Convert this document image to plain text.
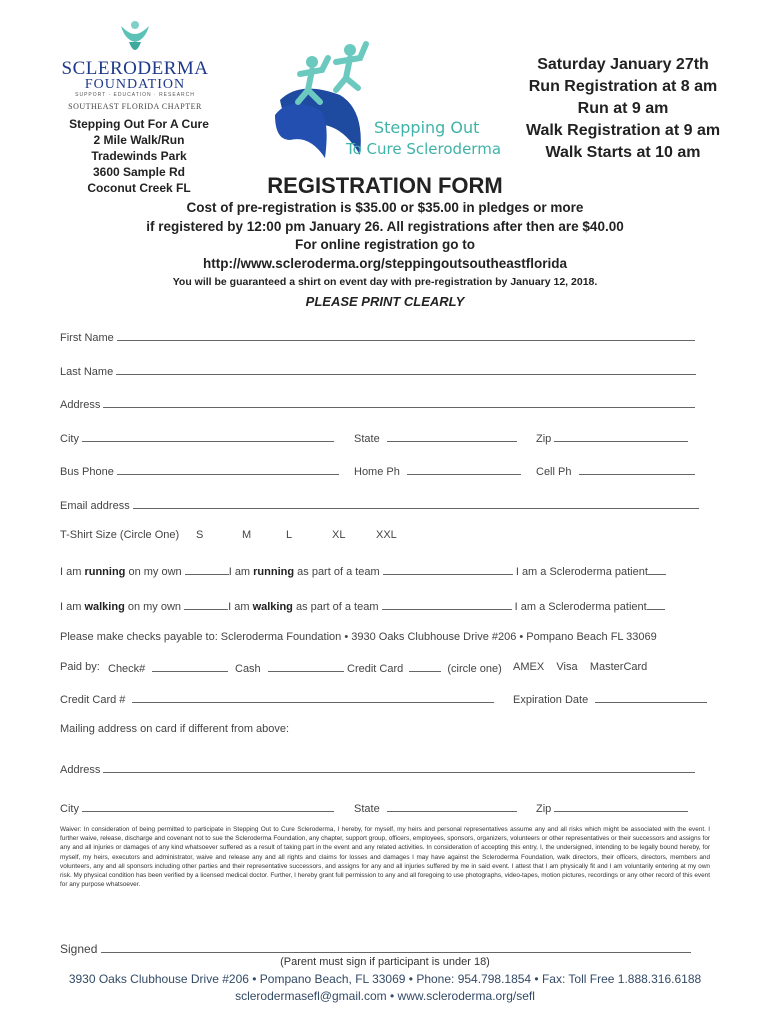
SCLERODERMA
FOUNDATION
SUPPORT · EDUCATION · RESEARCH
SOUTHEAST FLORIDA CHAPTER
Stepping Out For A Cure
2 Mile Walk/Run
Tradewinds Park
3600 Sample Rd
Coconut Creek FL
Stepping Out
To Cure Scleroderma
Saturday January 27th
Run Registration at 8 am
Run at 9 am
Walk Registration at 9 am
Walk Starts at 10 am
REGISTRATION FORM
Cost of pre-registration is $35.00 or $35.00 in pledges or more
if registered by 12:00 pm January 26. All registrations after then are $40.00
For online registration go to
http://www.scleroderma.org/steppingoutsoutheastflorida
You will be guaranteed a shirt on event day with pre-registration by January 12, 2018.
PLEASE PRINT CLEARLY
First Name
Last Name
Address
City	State	Zip
Bus Phone	Home Ph	Cell Ph
Email address
T-Shirt Size (Circle One) S	M	L	XL	XXL
I am running on my own	I am running as part of a team	I am a Scleroderma patient
I am walking on my own	I am walking as part of a team	I am a Scleroderma patient
Please make checks payable to: Scleroderma Foundation • 3930 Oaks Clubhouse Drive #206 • Pompano Beach FL 33069
Paid by: Check#	Cash	Credit Card	(circle one) AMEX    Visa    MasterCard
Credit Card #	Expiration Date
Mailing address on card if different from above:
Address
City	State	Zip
Waiver: In consideration of being permitted to participate in Stepping Out to Cure Scleroderma, I hereby, for myself, my heirs and personal representatives assume any and all risks which might be associated with the event. I further waive, release, discharge and covenant not to sue the Scleroderma Foundation, any chapter, support group, officers, employees, sponsors, organizers, volunteers or other representatives or their successors and assigns for any and all injuries or damages of any kind whatsoever suffered as a result of taking part in the event and any related activities. In consideration of accepting this entry, I, the undersigned, intending to be legally bound hereby, for myself, my heirs, executors and administrator, waive and release any and all rights and claims for losses and damages I may have against the Scleroderma Foundation, walk directors, their officers, directors, members and volunteers, any and all sponsors including other parties and their representative successors, and assigns for any and all injuries suffered by me in said event. I attest that I am physically fit and I am voluntarily entering at my own risk. My physical condition has been verified by a licensed medical doctor. Further, I hereby grant full permission to any and all foregoing to use photographs, video-tapes, motion pictures, recordings or any other record of this event for any purpose whatsoever.
Signed
(Parent must sign if participant is under 18)
3930 Oaks Clubhouse Drive #206 • Pompano Beach, FL 33069 • Phone: 954.798.1854 • Fax: Toll Free 1.888.316.6188
sclerodermasefl@gmail.com • www.scleroderma.org/sefl
